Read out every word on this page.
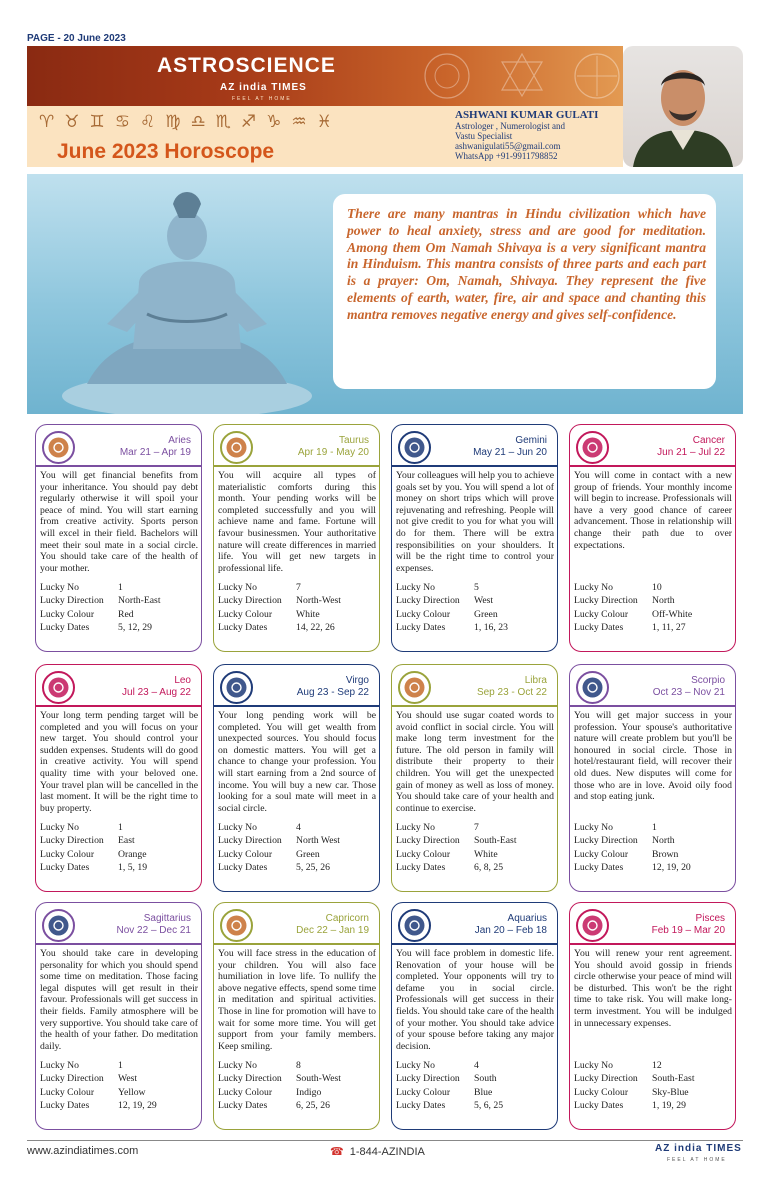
PAGE - 20 June 2023
ASTROSCIENCE
AZ india TIMES
FEEL AT HOME
♈♉♊♋♌♍♎♏♐♑♒♓
June 2023 Horoscope
ASHWANI KUMAR GULATI
Astrologer , Numerologist and
Vastu Specialist
ashwanigulati55@gmail.com
WhatsApp +91-9911798852

There are many mantras in Hindu civilization which have power to heal anxiety, stress and are good for meditation. Among them Om Namah Shivaya is a very significant mantra in Hinduism. This mantra consists of three parts and each part is a prayer: Om, Namah, Shivaya. They represent the five elements of earth, water, fire, air and space and chanting this mantra removes negative energy and gives self-confidence.

Aries
Mar 21 – Apr 19
You will get financial benefits from your inheritance. You should pay debt regularly otherwise it will spoil your peace of mind. You will start earning from creative activity. Sports person will excel in their field. Bachelors will meet their soul mate in a social circle. You should take care of the health of your mother.
Lucky No	1
Lucky Direction	North-East
Lucky Colour	Red
Lucky Dates	5, 12, 29
Taurus
Apr 19 - May 20
You will acquire all types of materialistic comforts during this month. Your pending works will be completed successfully and you will achieve name and fame. Fortune will favour businessmen. Your authoritative nature will create differences in married life. You will get new targets in professional life.
Lucky No	7
Lucky Direction	North-West
Lucky Colour	White
Lucky Dates	14, 22, 26
Gemini
May 21 – Jun 20
Your colleagues will help you to achieve goals set by you. You will spend a lot of money on short trips which will prove rejuvenating and refreshing. People will not give credit to you for what you will do for them. There will be extra responsibilities on your shoulders. It will be the right time to control your expenses.
Lucky No	5
Lucky Direction	West
Lucky Colour	Green
Lucky Dates	1, 16, 23
Cancer
Jun 21 – Jul 22
You will come in contact with a new group of friends. Your monthly income will begin to increase. Professionals will have a very good chance of career advancement. Those in relationship will change their path due to over expectations.
Lucky No	10
Lucky Direction	North
Lucky Colour	Off-White
Lucky Dates	1, 11, 27
Leo
Jul 23 – Aug 22
Your long term pending target will be completed and you will focus on your new target. You should control your sudden expenses. Students will do good in creative activity. You will spend quality time with your beloved one. Your travel plan will be cancelled in the last moment. It will be the right time to buy property.
Lucky No	1
Lucky Direction	East
Lucky Colour	Orange
Lucky Dates	1, 5, 19
Virgo
Aug 23 - Sep 22
Your long pending work will be completed. You will get wealth from unexpected sources. You should focus on domestic matters. You will get a chance to change your profession. You will start earning from a 2nd source of income. You will buy a new car. Those looking for a soul mate will meet in a social circle.
Lucky No	4
Lucky Direction	North West
Lucky Colour	Green
Lucky Dates	5, 25, 26
Libra
Sep 23 - Oct 22
You should use sugar coated words to avoid conflict in social circle. You will make long term investment for the future. The old person in family will distribute their property to their children. You will get the unexpected gain of money as well as loss of money. You should take care of your health and continue to exercise.
Lucky No	7
Lucky Direction	South-East
Lucky Colour	White
Lucky Dates	6, 8, 25
Scorpio
Oct 23 – Nov 21
You will get major success in your profession. Your spouse's authoritative nature will create problem but you'll be honoured in social circle. Those in hotel/restaurant field, will recover their old dues. New disputes will come for those who are in love. Avoid oily food and stop eating junk.
Lucky No	1
Lucky Direction	North
Lucky Colour	Brown
Lucky Dates	12, 19, 20
Sagittarius
Nov 22 – Dec 21
You should take care in developing personality for which you should spend some time on meditation. Those facing legal disputes will get result in their favour. Professionals will get success in their fields. Family atmosphere will be very supportive. You should take care of the health of your father. Do meditation daily.
Lucky No	1
Lucky Direction	West
Lucky Colour	Yellow
Lucky Dates	12, 19, 29
Capricorn
Dec 22 – Jan 19
You will face stress in the education of your children. You will also face humiliation in love life. To nullify the above negative effects, spend some time in meditation and spiritual activities. Those in line for promotion will have to wait for some more time. You will get support from your family members. Keep smiling.
Lucky No	8
Lucky Direction	South-West
Lucky Colour	Indigo
Lucky Dates	6, 25, 26
Aquarius
Jan 20 – Feb 18
You will face problem in domestic life. Renovation of your house will be completed. Your opponents will try to defame you in social circle. Professionals will get success in their fields. You should take care of the health of your mother. You should take advice of your spouse before taking any major decision.
Lucky No	4
Lucky Direction	South
Lucky Colour	Blue
Lucky Dates	5, 6, 25
Pisces
Feb 19 – Mar 20
You will renew your rent agreement. You should avoid gossip in friends circle otherwise your peace of mind will be disturbed. This won't be the right time to take risk. You will make long-term investment. You will be indulged in unnecessary expenses.
Lucky No	12
Lucky Direction	South-East
Lucky Colour	Sky-Blue
Lucky Dates	1, 19, 29
www.azindiatimes.com	☎ 1-844-AZINDIA	AZ india TIMES
FEEL AT HOME
